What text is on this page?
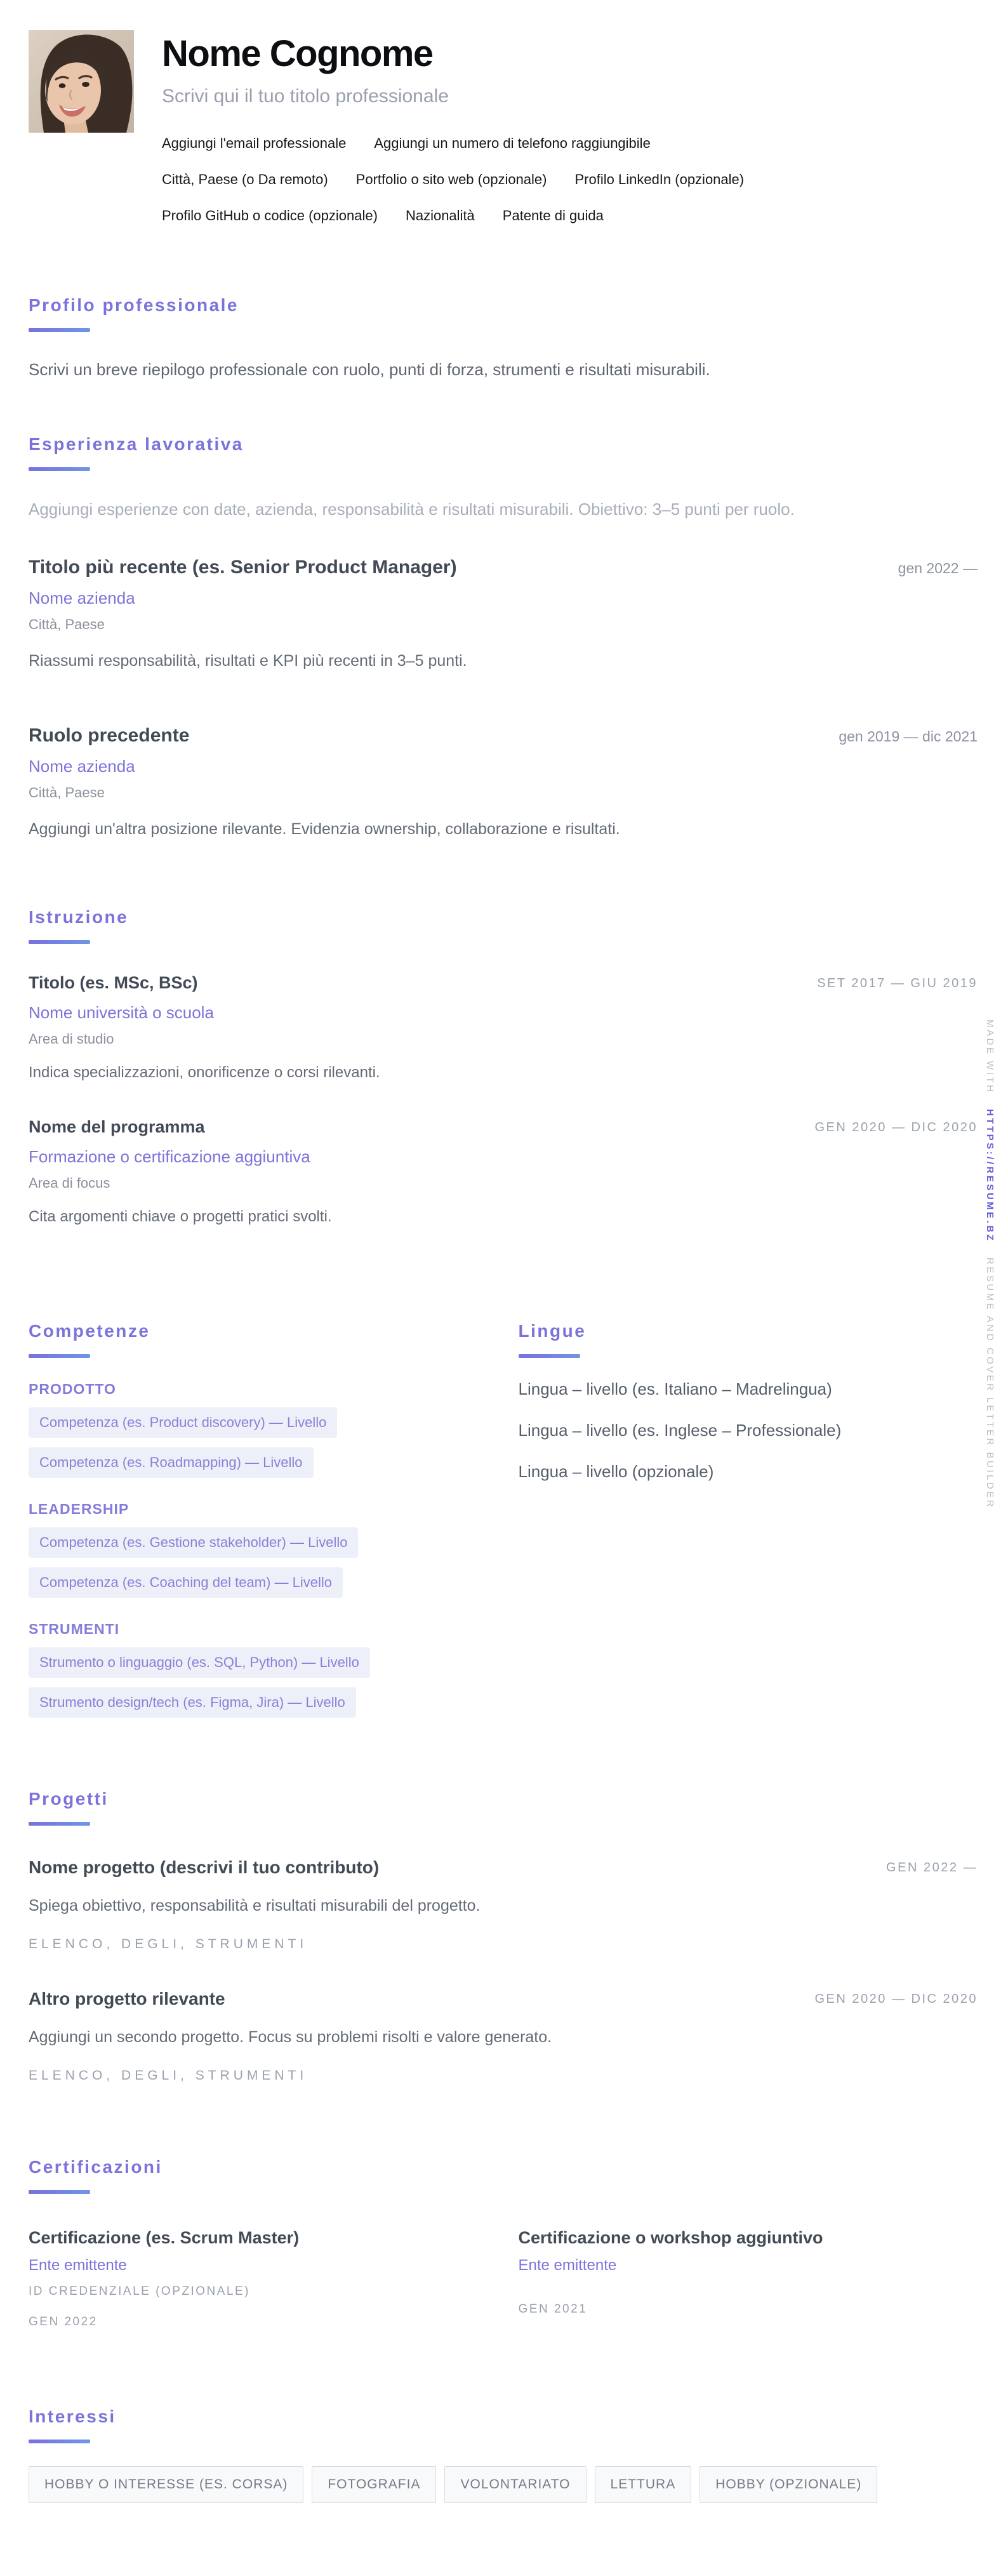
Nome Cognome
Scrivi qui il tuo titolo professionale
Aggiungi l'email professionale Aggiungi un numero di telefono raggiungibile
Città, Paese (o Da remoto) Portfolio o sito web (opzionale) Profilo LinkedIn (opzionale)
Profilo GitHub o codice (opzionale) Nazionalità Patente di guida
Profilo professionale
Scrivi un breve riepilogo professionale con ruolo, punti di forza, strumenti e risultati misurabili.
Esperienza lavorativa
Aggiungi esperienze con date, azienda, responsabilità e risultati misurabili. Obiettivo: 3–5 punti per ruolo.
Titolo più recente (es. Senior Product Manager)
Nome azienda
Città, Paese
Riassumi responsabilità, risultati e KPI più recenti in 3–5 punti.
gen 2022 —
Ruolo precedente
Nome azienda
Città, Paese
Aggiungi un'altra posizione rilevante. Evidenzia ownership, collaborazione e risultati.
gen 2019 — dic 2021
Istruzione
Titolo (es. MSc, BSc)
Nome università o scuola
Area di studio
Indica specializzazioni, onorificenze o corsi rilevanti.
SET 2017 — GIU 2019
Nome del programma
Formazione o certificazione aggiuntiva
Area di focus
Cita argomenti chiave o progetti pratici svolti.
GEN 2020 — DIC 2020
Competenze
PRODOTTO
Competenza (es. Product discovery) — Livello
Competenza (es. Roadmapping) — Livello
LEADERSHIP
Competenza (es. Gestione stakeholder) — Livello
Competenza (es. Coaching del team) — Livello
STRUMENTI
Strumento o linguaggio (es. SQL, Python) — Livello
Strumento design/tech (es. Figma, Jira) — Livello
Lingue
Lingua – livello (es. Italiano – Madrelingua)
Lingua – livello (es. Inglese – Professionale)
Lingua – livello (opzionale)
Progetti
Nome progetto (descrivi il tuo contributo)
Spiega obiettivo, responsabilità e risultati misurabili del progetto.
ELENCO, DEGLI, STRUMENTI
GEN 2022 —
Altro progetto rilevante
Aggiungi un secondo progetto. Focus su problemi risolti e valore generato.
ELENCO, DEGLI, STRUMENTI
GEN 2020 — DIC 2020
Certificazioni
Certificazione (es. Scrum Master)
Ente emittente
ID CREDENZIALE (OPZIONALE)
GEN 2022
Certificazione o workshop aggiuntivo
Ente emittente
GEN 2021
Interessi
HOBBY O INTERESSE (ES. CORSA)	FOTOGRAFIA	VOLONTARIATO	LETTURA	HOBBY (OPZIONALE)
MADE WITH HTTPS://RESUME.BZ RESUME AND COVER LETTER BUILDER
